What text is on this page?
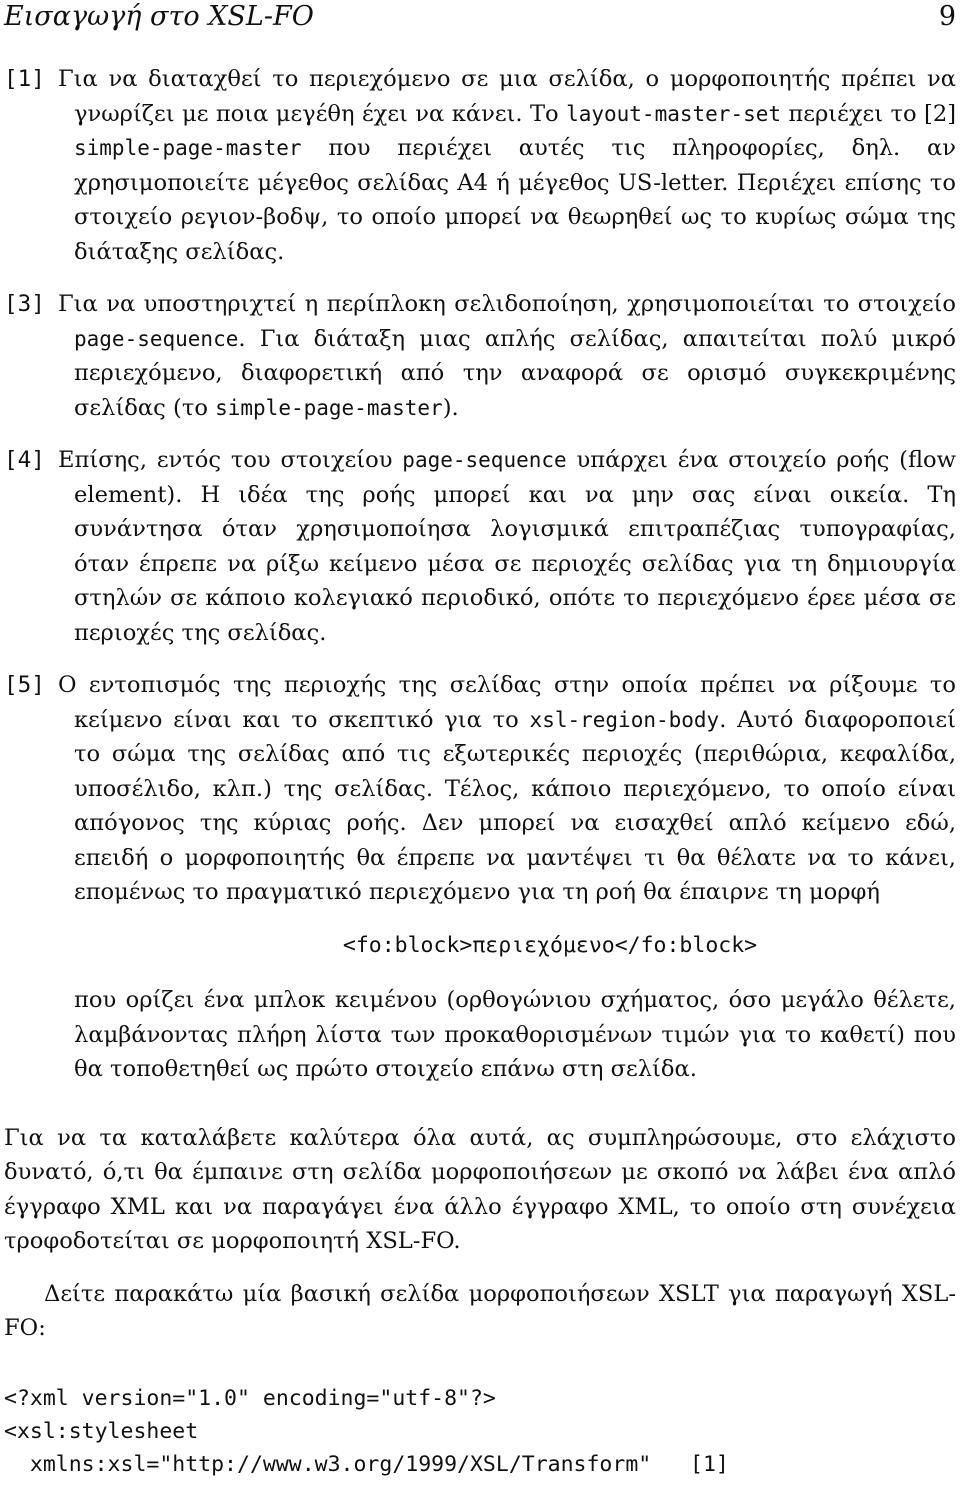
Εισαγωγή στο XSL-FO	9

[1] Για να διαταχθεί το περιεχόμενο σε μια σελίδα, ο μορφοποιητής πρέπει να γνωρίζει με ποια μεγέθη έχει να κάνει. Το layout-master-set περιέχει το [2] simple-page-master που περιέχει αυτές τις πληροφορίες, δηλ. αν χρησιμοποιείτε μέγεθος σελίδας A4 ή μέγεθος US-letter. Περιέχει επίσης το στοιχείο ρεγιον-βοδψ, το οποίο μπορεί να θεωρηθεί ως το κυρίως σώμα της διάταξης σελίδας.

[3] Για να υποστηριχτεί η περίπλοκη σελιδοποίηση, χρησιμοποιείται το στοιχείο page-sequence. Για διάταξη μιας απλής σελίδας, απαιτείται πολύ μικρό περιεχόμενο, διαφορετική από την αναφορά σε ορισμό συγκεκριμένης σελίδας (το simple-page-master).

[4] Επίσης, εντός του στοιχείου page-sequence υπάρχει ένα στοιχείο ροής (flow element). Η ιδέα της ροής μπορεί και να μην σας είναι οικεία. Τη συνάντησα όταν χρησιμοποίησα λογισμικά επιτραπέζιας τυπογραφίας, όταν έπρεπε να ρίξω κείμενο μέσα σε περιοχές σελίδας για τη δημιουργία στηλών σε κάποιο κολεγιακό περιοδικό, οπότε το περιεχόμενο έρεε μέσα σε περιοχές της σελίδας.

[5] Ο εντοπισμός της περιοχής της σελίδας στην οποία πρέπει να ρίξουμε το κείμενο είναι και το σκεπτικό για το xsl-region-body. Αυτό διαφοροποιεί το σώμα της σελίδας από τις εξωτερικές περιοχές (περιθώρια, κεφαλίδα, υποσέλιδο, κλπ.) της σελίδας. Τέλος, κάποιο περιεχόμενο, το οποίο είναι απόγονος της κύριας ροής. Δεν μπορεί να εισαχθεί απλό κείμενο εδώ, επειδή ο μορφοποιητής θα έπρεπε να μαντέψει τι θα θέλατε να το κάνει, επομένως το πραγματικό περιεχόμενο για τη ροή θα έπαιρνε τη μορφή
<fo:block>περιεχόμενο</fo:block>
που ορίζει ένα μπλοκ κειμένου (ορθογώνιου σχήματος, όσο μεγάλο θέλετε, λαμβάνοντας πλήρη λίστα των προκαθορισμένων τιμών για το καθετί) που θα τοποθετηθεί ως πρώτο στοιχείο επάνω στη σελίδα.

Για να τα καταλάβετε καλύτερα όλα αυτά, ας συμπληρώσουμε, στο ελάχιστο δυνατό, ό,τι θα έμπαινε στη σελίδα μορφοποιήσεων με σκοπό να λάβει ένα απλό έγγραφο XML και να παραγάγει ένα άλλο έγγραφο XML, το οποίο στη συνέχεια τροφοδοτείται σε μορφοποιητή XSL-FO.

Δείτε παρακάτω μία βασική σελίδα μορφοποιήσεων XSLT για παραγωγή XSL-FO:

<?xml version="1.0" encoding="utf-8"?>
<xsl:stylesheet
xmlns:xsl="http://www.w3.org/1999/XSL/Transform"   [1]
